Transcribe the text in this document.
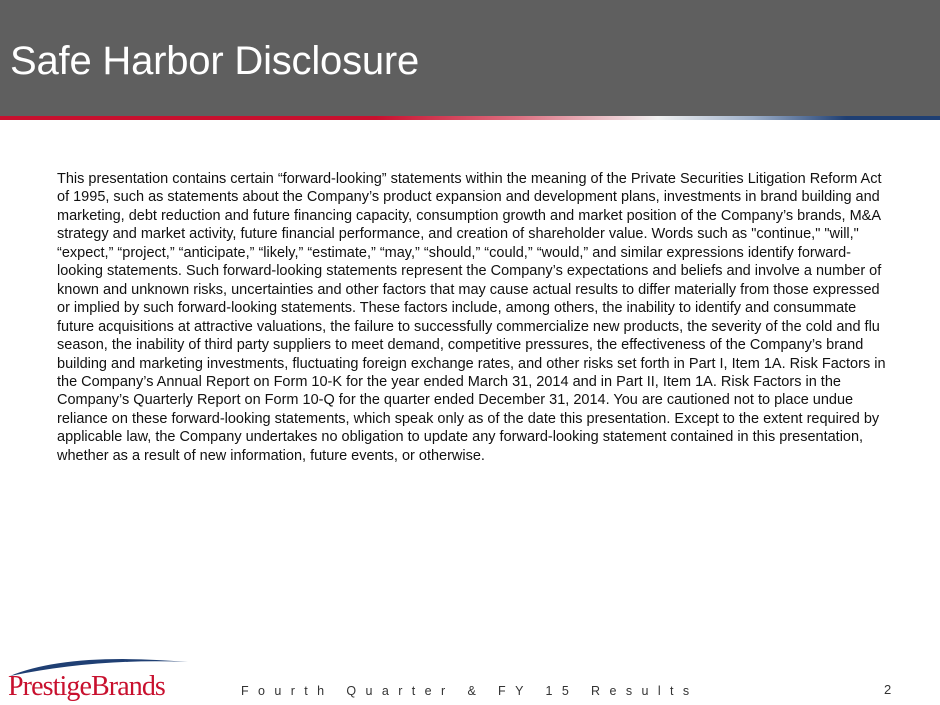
Safe Harbor Disclosure

This presentation contains certain “forward-looking” statements within the meaning of the Private Securities Litigation Reform Act of 1995, such as statements about the Company’s product expansion and development plans, investments in brand building and marketing, debt reduction and future financing capacity, consumption growth and market position of the Company’s brands, M&A strategy and market activity, future financial performance, and creation of shareholder value. Words such as "continue," "will," “expect,” “project,” “anticipate,” “likely,” “estimate,” “may,” “should,” “could,” “would,” and similar expressions identify forward-looking statements. Such forward-looking statements represent the Company’s expectations and beliefs and involve a number of known and unknown risks, uncertainties and other factors that may cause actual results to differ materially from those expressed or implied by such forward-looking statements. These factors include, among others, the inability to identify and consummate future acquisitions at attractive valuations, the failure to successfully commercialize new products, the severity of the cold and flu season, the inability of third party suppliers to meet demand, competitive pressures, the effectiveness of the Company’s brand building and marketing investments, fluctuating foreign exchange rates, and other risks set forth in Part I, Item 1A. Risk Factors in the Company’s Annual Report on Form 10-K for the year ended March 31, 2014 and in Part II, Item 1A. Risk Factors in the Company’s Quarterly Report on Form 10-Q for the quarter ended December 31, 2014. You are cautioned not to place undue reliance on these forward-looking statements, which speak only as of the date this presentation. Except to the extent required by applicable law, the Company undertakes no obligation to update any forward-looking statement contained in this presentation, whether as a result of new information, future events, or otherwise.

PrestigeBrands	Fourth Quarter & FY 15 Results	2
